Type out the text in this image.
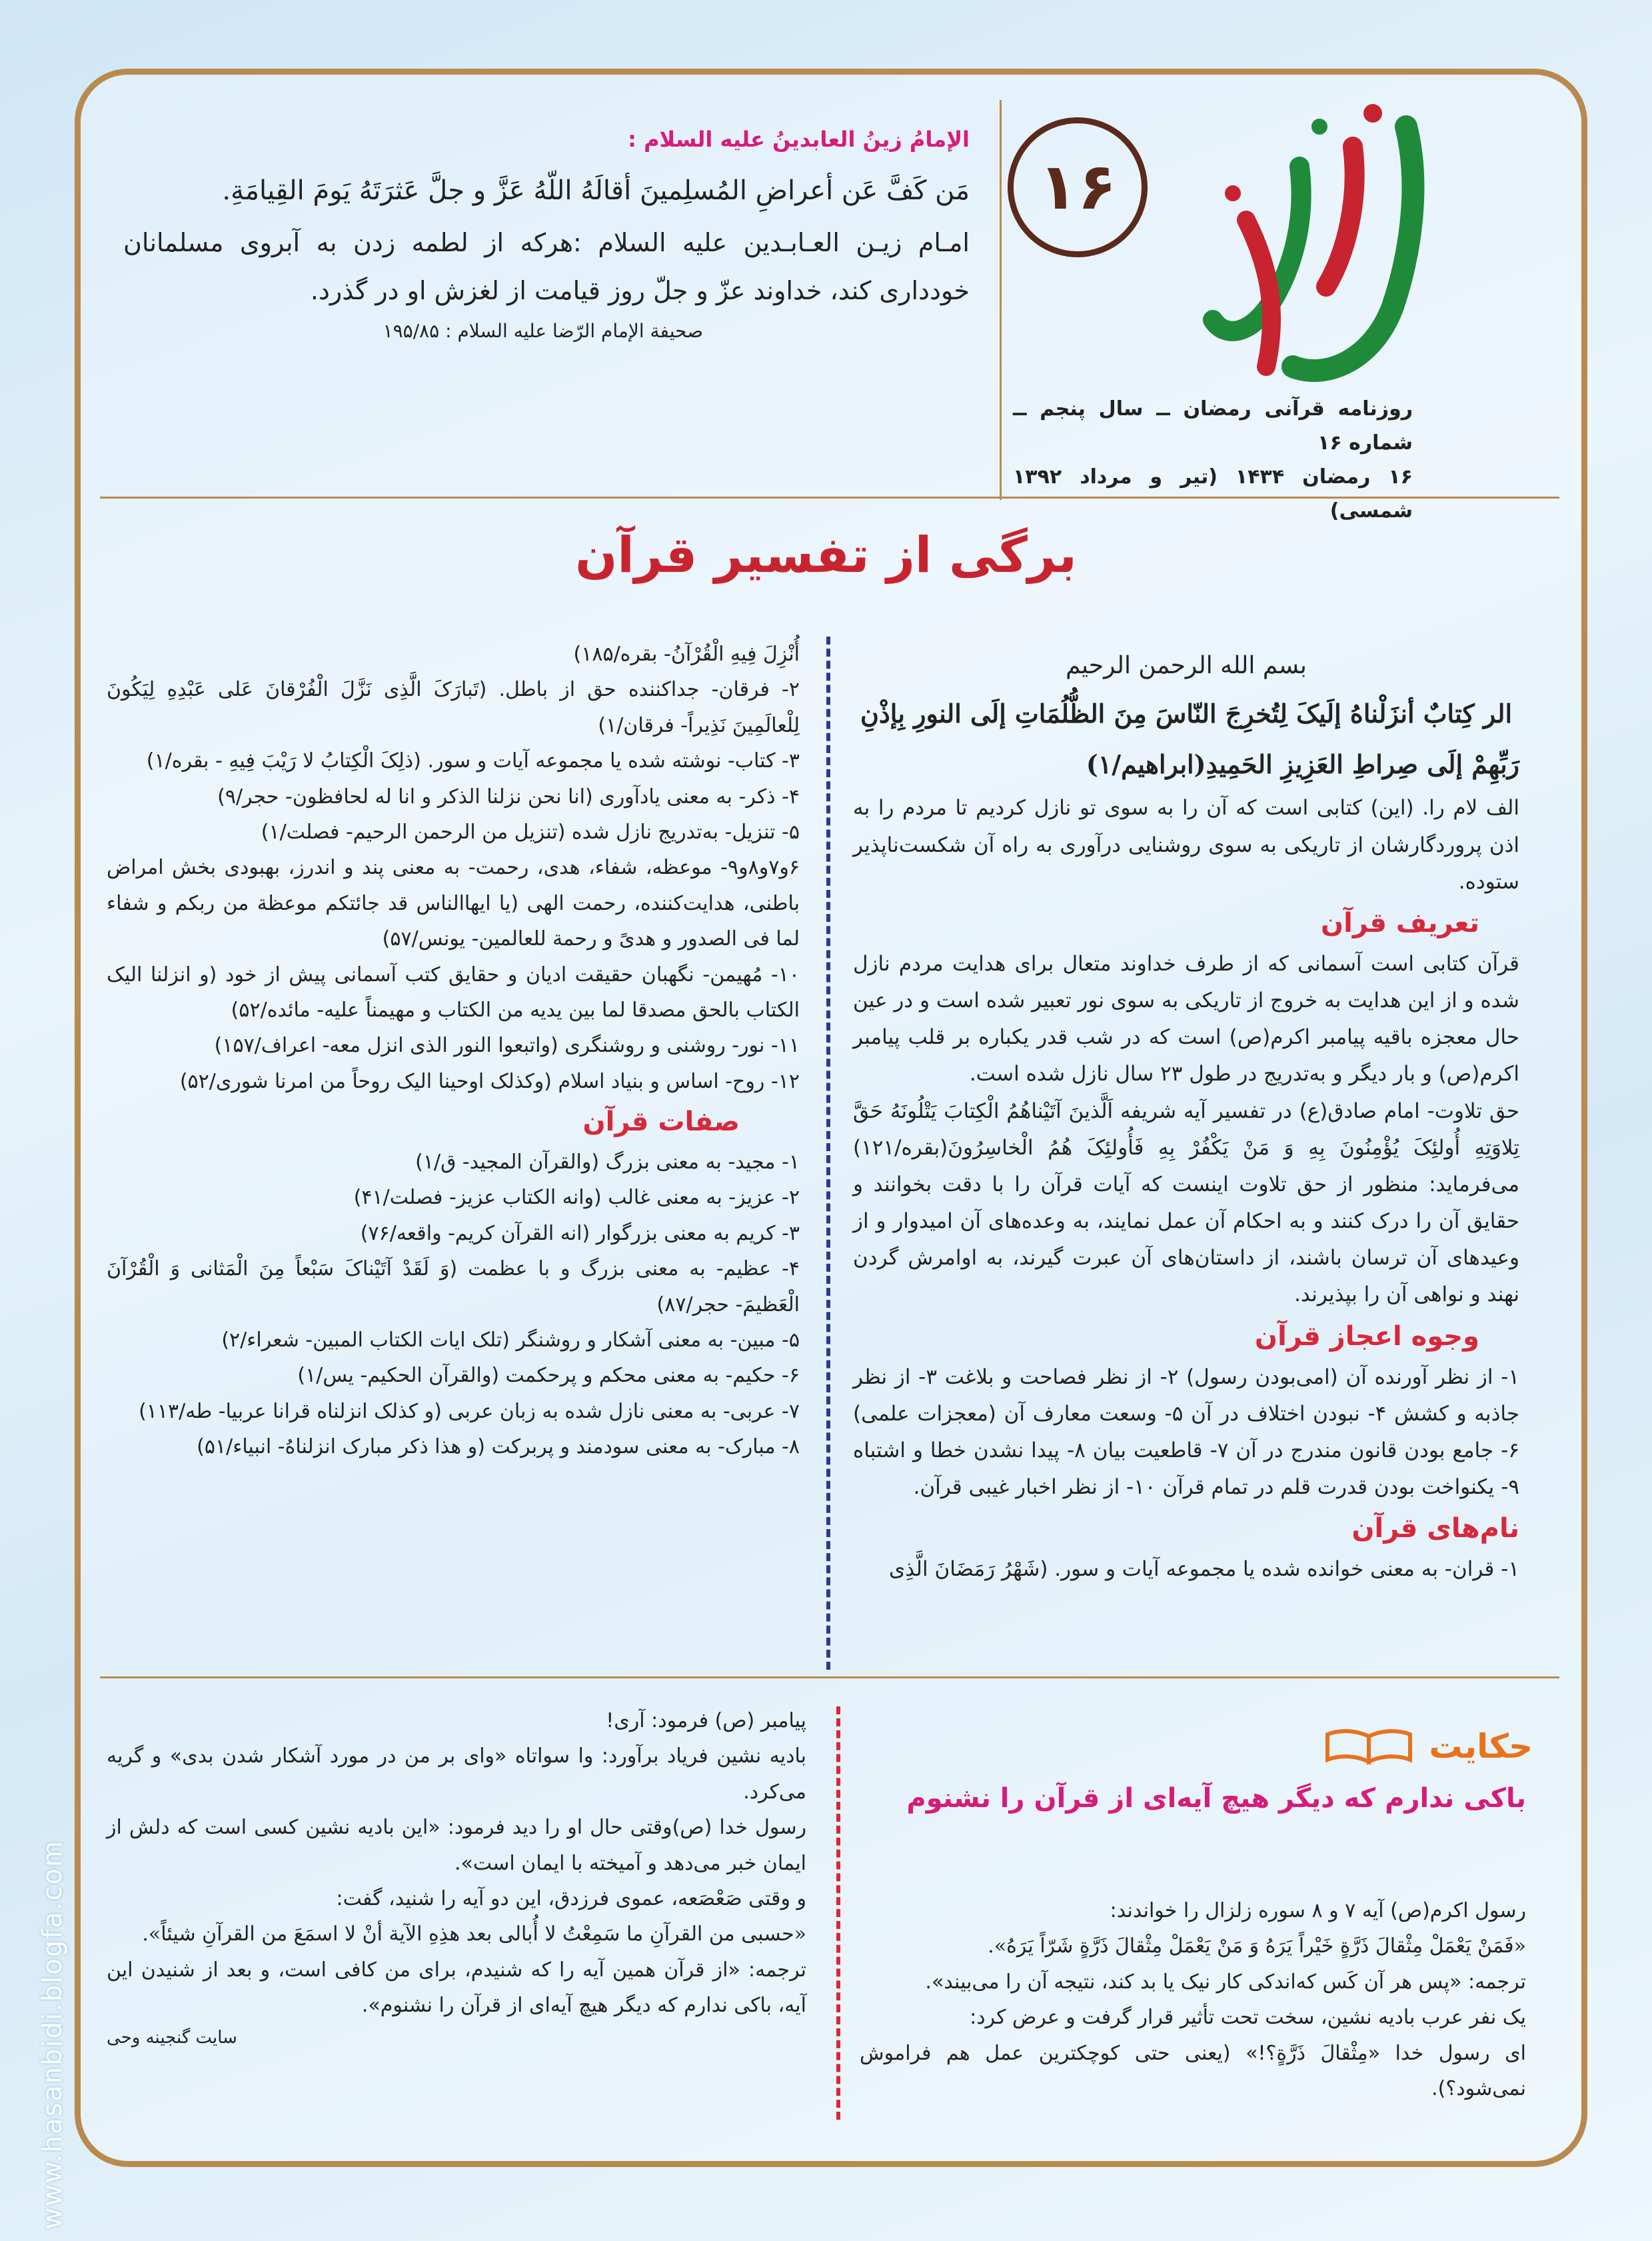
۱۶
روزنامه قرآنی رمضان ــ سال پنجم ــ شماره ۱۶
۱۶ رمضان ۱۴۳۴ (تیر و مرداد ۱۳۹۲ شمسی)
الإمامُ زینُ العابدینُ علیه السلام :

مَن کَفَّ عَن أعراضِ المُسلِمینَ أقالَهُ اللّهُ عَزَّ و جلَّ عَثرَتَهُ یَومَ القِیامَةِ.

امـام زیـن العـابـدین علیه السلام :هرکه از لطمه زدن به آبروی مسلمانان خودداری کند، خداوند عزّ و جلّ روز قیامت از لغزش او در گذرد.

صحیفة الإمام الرّضا علیه السلام : ۱۹۵/۸۵
برگی از تفسیر قرآن
بسم الله الرحمن الرحیم
الر کِتابٌ أنزَلْناهُ إلَیکَ لِتُخرِجَ النّاسَ مِنَ الظُّلُمَاتِ إلَی النورِ بِإذْنِ
رَبِّهِمْ إلَی صِراطِ العَزِیزِ الحَمِیدِ(ابراهیم/۱)

الف لام را. (این) کتابی است که آن را به سوی تو نازل کردیم تا مردم را به اذن پروردگارشان از تاریکی به سوی روشنایی درآوری به راه آن شکست‌ناپذیر ستوده.

تعریف قرآن

قرآن کتابی است آسمانی که از طرف خداوند متعال برای هدایت مردم نازل شده و از این هدایت به خروج از تاریکی به سوی نور تعبیر شده است و در عین حال معجزه باقیه پیامبر اکرم(ص) است که در شب قدر یکباره بر قلب پیامبر اکرم(ص) و بار دیگر و به‌تدریج در طول ۲۳ سال نازل شده است.

حق تلاوت- امام صادق(ع) در تفسیر آیه شریفه اَلَّذینَ آتَیْناهُمُ الْکِتابَ یَتْلُونَهُ حَقَّ تِلاوَتِهِ أُولئِکَ یُؤْمِنُونَ بِهِ وَ مَنْ یَکْفُرْ بِهِ فَأُولئِکَ هُمُ الْخاسِرُونَ(بقره/۱۲۱) می‌فرماید: منظور از حق تلاوت اینست که آیات قرآن را با دقت بخوانند و حقایق آن را درک کنند و به احکام آن عمل نمایند، به وعده‌های آن امیدوار و از وعیدهای آن ترسان باشند، از داستان‌های آن عبرت گیرند، به اوامرش گردن نهند و نواهی آن را بپذیرند.

وجوه اعجاز قرآن

۱- از نظر آورنده آن (امی‌بودن رسول) ۲- از نظر فصاحت و بلاغت ۳- از نظر جاذبه و کشش ۴- نبودن اختلاف در آن ۵- وسعت معارف آن (معجزات علمی) ۶- جامع بودن قانون مندرج در آن ۷- قاطعیت بیان ۸- پیدا نشدن خطا و اشتباه ۹- یکنواخت بودن قدرت قلم در تمام قرآن ۱۰- از نظر اخبار غیبی قرآن.

نام‌های قرآن

۱- قران- به معنی خوانده شده یا مجموعه آیات و سور. (شَهْرُ رَمَضَانَ الَّذِی

أُنْزِلَ فِیهِ الْقُرْآنُ- بقره/۱۸۵)

۲- فرقان- جداکننده حق از باطل. (تَبارَکَ الَّذِی نَزَّلَ الْفُرْقانَ عَلی عَبْدِهِ لِیَکُونَ لِلْعالَمِینَ نَذِیراً- فرقان/۱)

۳- کتاب- نوشته شده یا مجموعه آیات و سور. (ذلِکَ الْکِتابُ لا رَیْبَ فِیهِ - بقره/۱)

۴- ذکر- به معنی یادآوری (انا نحن نزلنا الذکر و انا له لحافظون- حجر/۹)

۵- تنزیل- به‌تدریج نازل شده (تنزیل من الرحمن الرحیم- فصلت/۱)

۶و۷و۸و۹- موعظه، شفاء، هدی، رحمت- به معنی پند و اندرز، بهبودی بخش امراض باطنی، هدایت‌کننده، رحمت الهی (یا ایهاالناس قد جائتکم موعظة من ربکم و شفاء لما فی الصدور و هدیً و رحمة للعالمین- یونس/۵۷)

۱۰- مُهیمن- نگهبان حقیقت ادیان و حقایق کتب آسمانی پیش از خود (و انزلنا الیک الکتاب بالحق مصدقا لما بین یدیه من الکتاب و مهیمناً علیه- مائده/۵۲)

۱۱- نور- روشنی و روشنگری (واتبعوا النور الذی انزل معه- اعراف/۱۵۷)

۱۲- روح- اساس و بنیاد اسلام (وکذلک اوحینا الیک روحاً من امرنا شوری/۵۲)

صفات قرآن

۱- مجید- به معنی بزرگ (والقرآن المجید- ق/۱)

۲- عزیز- به معنی غالب (وانه الکتاب عزیز- فصلت/۴۱)

۳- کریم به معنی بزرگوار (انه القرآن کریم- واقعه/۷۶)

۴- عظیم- به معنی بزرگ و با عظمت (وَ لَقَدْ آتَیْناکَ سَبْعاً مِنَ الْمَثانی وَ الْقُرْآنَ الْعَظیمَ- حجر/۸۷)

۵- مبین- به معنی آشکار و روشنگر (تلک ایات الکتاب المبین- شعراء/۲)

۶- حکیم- به معنی محکم و پرحکمت (والقرآن الحکیم- یس/۱)

۷- عربی- به معنی نازل شده به زبان عربی (و کذلک انزلناه قرانا عربیا- طه/۱۱۳)

۸- مبارک- به معنی سودمند و پربرکت (و هذا ذکر مبارک انزلناهُ- انبیاء/۵۱)

حکایت
باکی ندارم که دیگر هیچ آیه‌ای از قرآن را نشنوم

رسول اکرم(ص) آیه ۷ و ۸ سوره زلزال را خواندند:

«فَمَنْ یَعْمَلْ مِثْقالَ ذَرَّةٍ خَیْراً یَرَهُ وَ مَنْ یَعْمَلْ مِثْقالَ ذَرَّةٍ شَرّاً یَرَهُ».

ترجمه: «پس هر آن کَس که‌اندکی کار نیک یا بد کند، نتیجه آن را می‌بیند».

یک نفر عرب بادیه نشین، سخت تحت تأثیر قرار گرفت و عرض کرد:

ای رسول خدا «مِثْقالَ ذَرَّةٍ؟!» (یعنی حتی کوچکترین عمل هم فراموش نمی‌شود؟).

پیامبر (ص) فرمود: آری!

بادیه نشین فریاد برآورد: وا سواتاه «وای بر من در مورد آشکار شدن بدی» و گریه می‌کرد.

رسول خدا (ص)وقتی حال او را دید فرمود: «این بادیه نشین کسی است که دلش از ایمان خبر می‌دهد و آمیخته با ایمان است».

و وقتی صَعْصَعه، عموی فرزدق، این دو آیه را شنید، گفت:

«حسبی من القرآنِ ما سَمِعْتُ لا أُبالی بعد هذِهِ الآیة أنْ لا اسمَعَ من القرآنِ شیئاً».

ترجمه: «از قرآن همین آیه را که شنیدم، برای من کافی است، و بعد از شنیدن این آیه، باکی ندارم که دیگر هیچ آیه‌ای از قرآن را نشنوم».

سایت گنجینه وحی
www.hasanbidi.blogfa.com
